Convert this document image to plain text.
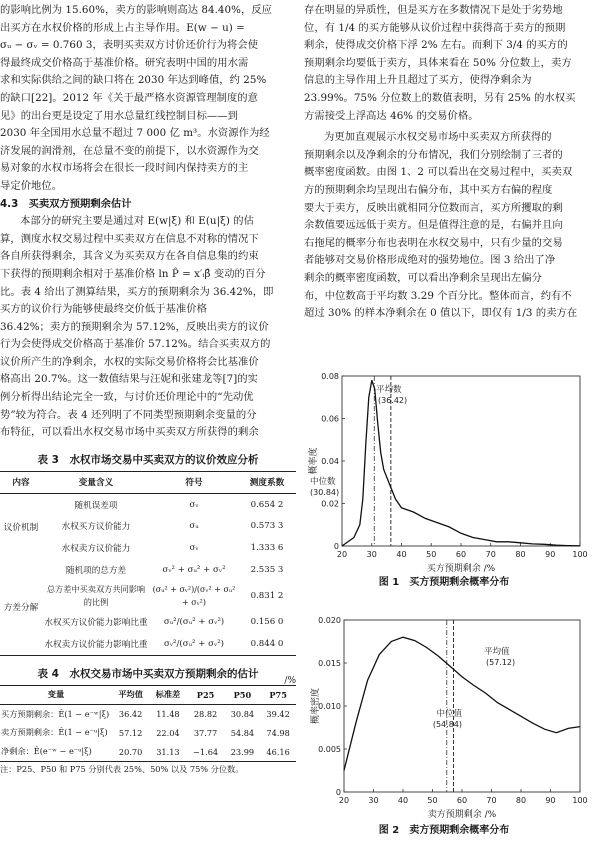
的影响比例为 15.60%，卖方的影响则高达 84.40%，反应
出买方在水权价格的形成上占主导作用。E(w − u) =
σᵤ − σᵥ = 0.760 3，表明买卖双方讨价还价行为将会使
得最终成交价格高于基准价格。研究表明中国的用水需
求和实际供给之间的缺口将在 2030 年达到峰值，约 25%
的缺口[22]。2012 年《关于最严格水资源管理制度的意
见》的出台更是设定了用水总量红线控制目标——到
2030 年全国用水总量不超过 7 000 亿 m³。水资源作为经
济发展的润滑剂，在总量不变的前提下，以水资源作为交
易对象的水权市场将会在很长一段时间内保持卖方的主
导定价地位。
4.3　买卖双方预期剩余估计
本部分的研究主要是通过对 E(w|ξ) 和 E(u|ξ) 的估
算，测度水权交易过程中买卖双方在信息不对称的情况下
各自所获得剩余，其含义为买卖双方在各自信息集的约束
下获得的预期剩余相对于基准价格 ln P̂ = x′ᵢβ̂ 变动的百分
比。表 4 给出了测算结果，买方的预期剩余为 36.42%，即
买方的议价行为能够使最终交价低于基准价格
36.42%；卖方的预期剩余为 57.12%，反映出卖方的议价
行为会使得成交价格高于基准价 57.12%。结合买卖双方的
议价所产生的净剩余，水权的实际交易价格将会比基准价
格高出 20.7%。这一数值结果与汪妮和张建龙等[7]的实
例分析得出结论完全一致，与讨价还价理论中的“先动优
势”较为符合。表 4 还列明了不同类型预期剩余变量的分
布特征，可以看出水权交易市场中买卖双方所获得的剩余
表 3　水权市场交易中买卖双方的议价效应分析
内容	变量含义	符号	测度系数
议价机制	随机误差项	σᵥ	0.654 2
	水权买方议价能力	σᵤ	0.573 3
	水权卖方议价能力	σᵥ	1.333 6
方差分解	随机项的总方差	σᵥ² + σᵤ² + σᵥ²	2.535 3
	总方差中买卖双方共同影响的比例	(σᵤ² + σᵥ²)/(σᵥ² + σᵤ² + σᵥ²)	0.831 2
	水权买方议价能力影响比重	σᵤ²/(σᵤ² + σᵥ²)	0.156 0
	水权卖方议价能力影响比重	σᵥ²/(σᵤ² + σᵥ²)	0.844 0
表 4　水权交易市场中买卖双方预期剩余的估计
/%
变量	平均值	标准差	P25	P50	P75
买方预期剩余：Ê(1 − e⁻ʷ|ξ)	36.42	11.48	28.82	30.84	39.42
卖方预期剩余：Ê(1 − e⁻ᵘ|ξ)	57.12	22.04	37.77	54.84	74.98
净剩余：Ê(e⁻ʷ − e⁻ᵘ|ξ)	20.70	31.13	−1.64	23.99	46.16
注：P25、P50 和 P75 分别代表 25%、50% 以及 75% 分位数。
存在明显的异质性，但是买方在多数情况下是处于劣势地
位，有 1/4 的买方能够从议价过程中获得高于卖方的预期
剩余，使得成交价格下浮 2% 左右。而剩下 3/4 的买方的
预期剩余均要低于卖方，具体来看在 50% 分位数上，卖方
信息的主导作用上升且超过了买方，使得净剩余为
23.99%。75% 分位数上的数值表明，另有 25% 的水权买
方需接受上浮高达 46% 的交易价格。
为更加直观展示水权交易市场中买卖双方所获得的
预期剩余以及净剩余的分布情况，我们分别绘制了三者的
概率密度函数。由图 1、2 可以看出在交易过程中，买卖双
方的预期剩余均呈现出右偏分布，其中买方右偏的程度
要大于卖方，反映出就相同分位数而言，买方所攫取的剩
余数值要远远低于卖方。但是值得注意的是，右偏并且向
右拖尾的概率分布也表明在水权交易中，只有少量的交易
者能够对交易价格形成绝对的强势地位。图 3 给出了净
剩余的概率密度函数，可以看出净剩余呈现出左偏分
布，中位数高于平均数 3.29 个百分比。整体而言，约有不
超过 30% 的样本净剩余在 0 值以下，即仅有 1/3 的卖方在
20 30 40 50 60 70 80 90 100
0
0.02
0.04
0.06
0.08
买方预期剩余 /%
概率度
平均数
(36.42)
中位数
(30.84)
图 1　买方预期剩余概率分布
20 30 40 50 60 70 80 90 100
0
0.005
0.010
0.015
0.020
卖方预期剩余 /%
概率密度
平均值
(57.12)
中位值
(54.84)
图 2　卖方预期剩余概率分布
